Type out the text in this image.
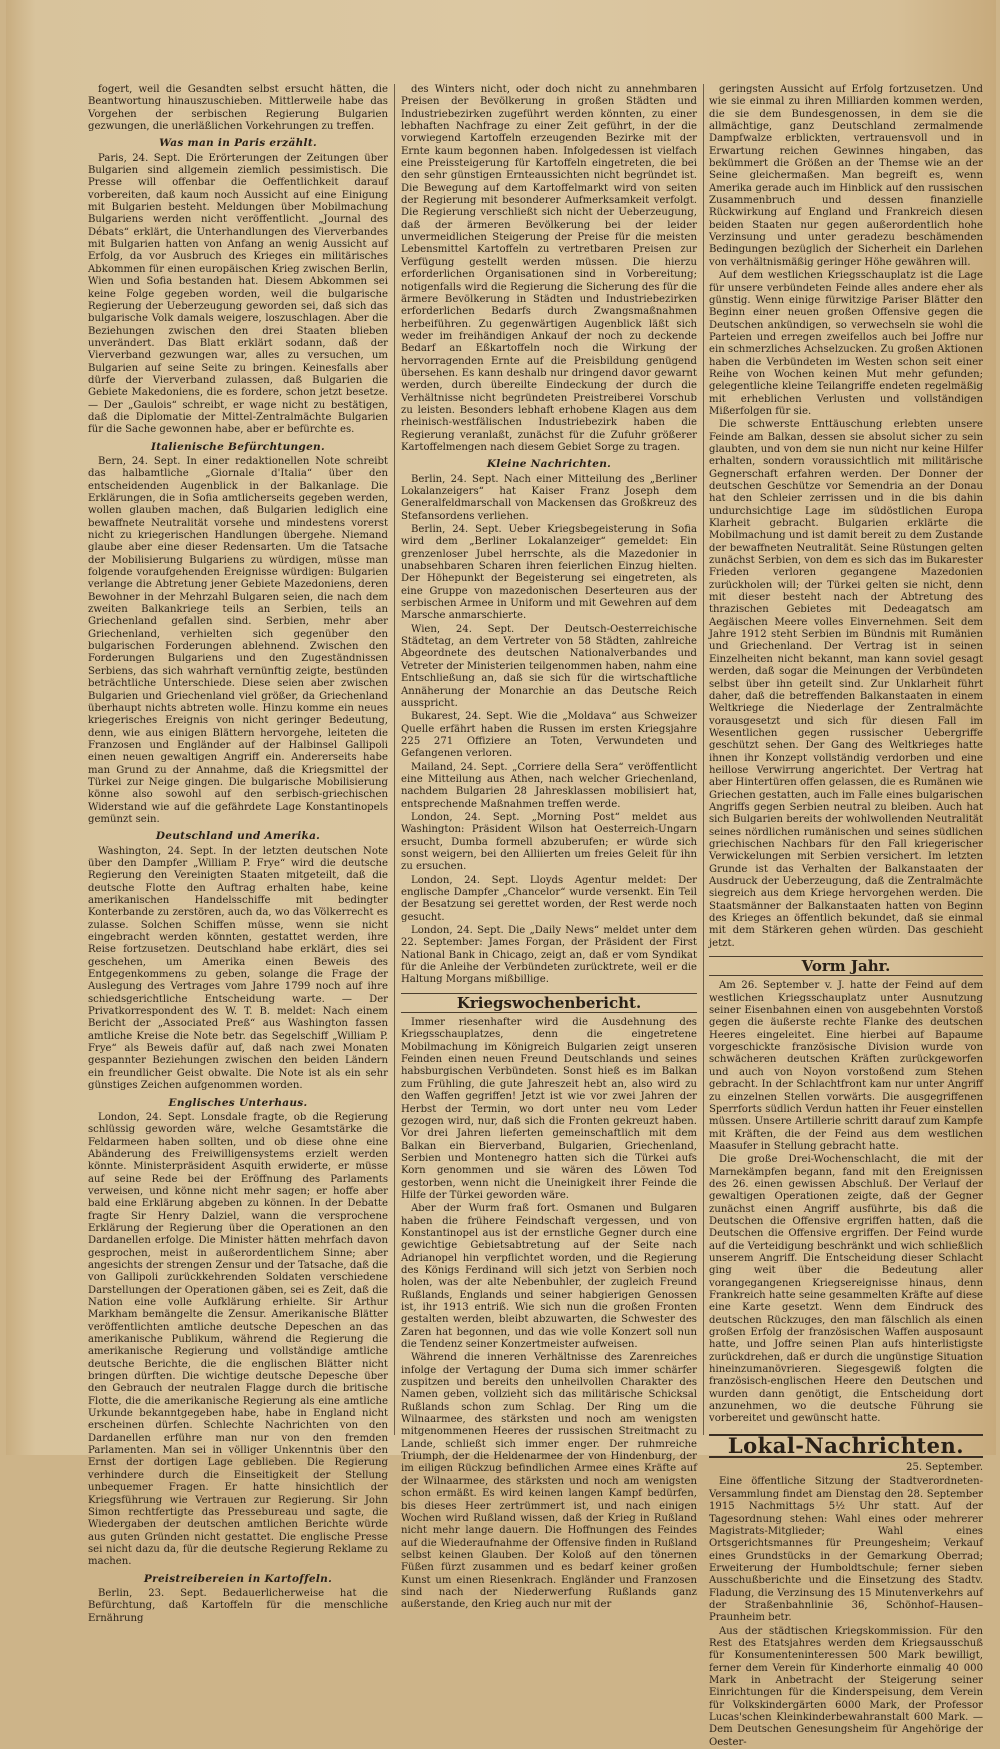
fogert, weil die Gesandten selbst ersucht hätten, die Beantwortung hinauszuschieben. Mittlerweile habe das Vorgehen der serbischen Regierung Bulgarien gezwungen, die unerläßlichen Vorkehrungen zu treffen.

Was man in Paris erzählt.

Paris, 24. Sept. Die Erörterungen der Zeitungen über Bulgarien sind allgemein ziemlich pessimistisch. Die Presse will offenbar die Oeffentlichkeit darauf vorbereiten, daß kaum noch Aussicht auf eine Einigung mit Bulgarien besteht. Meldungen über Mobilmachung Bulgariens werden nicht veröffentlicht. „Journal des Débats“ erklärt, die Unterhandlungen des Vierverbandes mit Bulgarien hatten von Anfang an wenig Aussicht auf Erfolg, da vor Ausbruch des Krieges ein militärisches Abkommen für einen europäischen Krieg zwischen Berlin, Wien und Sofia bestanden hat. Diesem Abkommen sei keine Folge gegeben worden, weil die bulgarische Regierung der Ueberzeugung geworden sei, daß sich das bulgarische Volk damals weigere, loszuschlagen. Aber die Beziehungen zwischen den drei Staaten blieben unverändert. Das Blatt erklärt sodann, daß der Vierverband gezwungen war, alles zu versuchen, um Bulgarien auf seine Seite zu bringen. Keinesfalls aber dürfe der Vierverband zulassen, daß Bulgarien die Gebiete Makedoniens, die es fordere, schon jetzt besetze. — Der „Gaulois“ schreibt, er wage nicht zu bestätigen, daß die Diplomatie der Mittel-Zentralmächte Bulgarien für die Sache gewonnen habe, aber er befürchte es.

Italienische Befürchtungen.

Bern, 24. Sept. In einer redaktionellen Note schreibt das halbamtliche „Giornale d'Italia“ über den entscheidenden Augenblick in der Balkanlage. Die Erklärungen, die in Sofia amtlicherseits gegeben werden, wollen glauben machen, daß Bulgarien lediglich eine bewaffnete Neutralität vorsehe und mindestens vorerst nicht zu kriegerischen Handlungen übergehe. Niemand glaube aber eine dieser Redensarten. Um die Tatsache der Mobilisierung Bulgariens zu würdigen, müsse man folgende voraufgehenden Ereignisse würdigen: Bulgarien verlange die Abtretung jener Gebiete Mazedoniens, deren Bewohner in der Mehrzahl Bulgaren seien, die nach dem zweiten Balkankriege teils an Serbien, teils an Griechenland gefallen sind. Serbien, mehr aber Griechenland, verhielten sich gegenüber den bulgarischen Forderungen ablehnend. Zwischen den Forderungen Bulgariens und den Zugeständnissen Serbiens, das sich wahrhaft vernünftig zeigte, bestünden beträchtliche Unterschiede. Diese seien aber zwischen Bulgarien und Griechenland viel größer, da Griechenland überhaupt nichts abtreten wolle. Hinzu komme ein neues kriegerisches Ereignis von nicht geringer Bedeutung, denn, wie aus einigen Blättern hervorgehe, leiteten die Franzosen und Engländer auf der Halbinsel Gallipoli einen neuen gewaltigen Angriff ein. Andererseits habe man Grund zu der Annahme, daß die Kriegsmittel der Türkei zur Neige gingen. Die bulgarische Mobilisierung könne also sowohl auf den serbisch-griechischen Widerstand wie auf die gefährdete Lage Konstantinopels gemünzt sein.

Deutschland und Amerika.

Washington, 24. Sept. In der letzten deutschen Note über den Dampfer „William P. Frye“ wird die deutsche Regierung den Vereinigten Staaten mitgeteilt, daß die deutsche Flotte den Auftrag erhalten habe, keine amerikanischen Handelsschiffe mit bedingter Konterbande zu zerstören, auch da, wo das Völkerrecht es zulasse. Solchen Schiffen müsse, wenn sie nicht eingebracht werden könnten, gestattet werden, ihre Reise fortzusetzen. Deutschland habe erklärt, dies sei geschehen, um Amerika einen Beweis des Entgegenkommens zu geben, solange die Frage der Auslegung des Vertrages vom Jahre 1799 noch auf ihre schiedsgerichtliche Entscheidung warte. — Der Privatkorrespondent des W. T. B. meldet: Nach einem Bericht der „Associated Preß“ aus Washington fassen amtliche Kreise die Note betr. das Segelschiff „William P. Frye“ als Beweis dafür auf, daß nach zwei Monaten gespannter Beziehungen zwischen den beiden Ländern ein freundlicher Geist obwalte. Die Note ist als ein sehr günstiges Zeichen aufgenommen worden.

Englisches Unterhaus.

London, 24. Sept. Lonsdale fragte, ob die Regierung schlüssig geworden wäre, welche Gesamtstärke die Feldarmeen haben sollten, und ob diese ohne eine Abänderung des Freiwilligensystems erzielt werden könnte. Ministerpräsident Asquith erwiderte, er müsse auf seine Rede bei der Eröffnung des Parlaments verweisen, und könne nicht mehr sagen; er hoffe aber bald eine Erklärung abgeben zu können. In der Debatte fragte Sir Henry Dalziel, wann die versprochene Erklärung der Regierung über die Operationen an den Dardanellen erfolge. Die Minister hätten mehrfach davon gesprochen, meist in außerordentlichem Sinne; aber angesichts der strengen Zensur und der Tatsache, daß die von Gallipoli zurückkehrenden Soldaten verschiedene Darstellungen der Operationen gäben, sei es Zeit, daß die Nation eine volle Aufklärung erhielte. Sir Arthur Markham bemängelte die Zensur. Amerikanische Blätter veröffentlichten amtliche deutsche Depeschen an das amerikanische Publikum, während die Regierung die amerikanische Regierung und vollständige amtliche deutsche Berichte, die die englischen Blätter nicht bringen dürften. Die wichtige deutsche Depesche über den Gebrauch der neutralen Flagge durch die britische Flotte, die die amerikanische Regierung als eine amtliche Urkunde bekanntgegeben habe, habe in England nicht erscheinen dürfen. Schlechte Nachrichten von den Dardanellen erführe man nur von den fremden Parlamenten. Man sei in völliger Unkenntnis über den Ernst der dortigen Lage geblieben. Die Regierung verhindere durch die Einseitigkeit der Stellung unbequemer Fragen. Er hatte hinsichtlich der Kriegsführung wie Vertrauen zur Regierung. Sir John Simon rechtfertigte das Pressebureau und sagte, die Wiedergaben der deutschen amtlichen Berichte würde aus guten Gründen nicht gestattet. Die englische Presse sei nicht dazu da, für die deutsche Regierung Reklame zu machen.

Preistreibereien in Kartoffeln.

Berlin, 23. Sept. Bedauerlicherweise hat die Befürchtung, daß Kartoffeln für die menschliche Ernährung

des Winters nicht, oder doch nicht zu annehmbaren Preisen der Bevölkerung in großen Städten und Industriebezirken zugeführt werden könnten, zu einer lebhaften Nachfrage zu einer Zeit geführt, in der die vorwiegend Kartoffeln erzeugenden Bezirke mit der Ernte kaum begonnen haben. Infolgedessen ist vielfach eine Preissteigerung für Kartoffeln eingetreten, die bei den sehr günstigen Ernteaussichten nicht begründet ist. Die Bewegung auf dem Kartoffelmarkt wird von seiten der Regierung mit besonderer Aufmerksamkeit verfolgt. Die Regierung verschließt sich nicht der Ueberzeugung, daß der ärmeren Bevölkerung bei der leider unvermeidlichen Steigerung der Preise für die meisten Lebensmittel Kartoffeln zu vertretbaren Preisen zur Verfügung gestellt werden müssen. Die hierzu erforderlichen Organisationen sind in Vorbereitung; notigenfalls wird die Regierung die Sicherung des für die ärmere Bevölkerung in Städten und Industriebezirken erforderlichen Bedarfs durch Zwangsmaßnahmen herbeiführen. Zu gegenwärtigen Augenblick läßt sich weder im freihändigen Ankauf der noch zu deckende Bedarf an Eßkartoffeln noch die Wirkung der hervorragenden Ernte auf die Preisbildung genügend übersehen. Es kann deshalb nur dringend davor gewarnt werden, durch übereilte Eindeckung der durch die Verhältnisse nicht begründeten Preistreiberei Vorschub zu leisten. Besonders lebhaft erhobene Klagen aus dem rheinisch-westfälischen Industriebezirk haben die Regierung veranlaßt, zunächst für die Zufuhr größerer Kartoffelmengen nach diesem Gebiet Sorge zu tragen.

Kleine Nachrichten.

Berlin, 24. Sept. Nach einer Mitteilung des „Berliner Lokalanzeigers“ hat Kaiser Franz Joseph dem Generalfeldmarschall von Mackensen das Großkreuz des Stefansordens verliehen.

Berlin, 24. Sept. Ueber Kriegsbegeisterung in Sofia wird dem „Berliner Lokalanzeiger“ gemeldet: Ein grenzenloser Jubel herrschte, als die Mazedonier in unabsehbaren Scharen ihren feierlichen Einzug hielten. Der Höhepunkt der Begeisterung sei eingetreten, als eine Gruppe von mazedonischen Deserteuren aus der serbischen Armee in Uniform und mit Gewehren auf dem Marsche anmarschierte.

Wien, 24. Sept. Der Deutsch-Oesterreichische Städtetag, an dem Vertreter von 58 Städten, zahlreiche Abgeordnete des deutschen Nationalverbandes und Vetreter der Ministerien teilgenommen haben, nahm eine Entschließung an, daß sie sich für die wirtschaftliche Annäherung der Monarchie an das Deutsche Reich ausspricht.

Bukarest, 24. Sept. Wie die „Moldava“ aus Schweizer Quelle erfährt haben die Russen im ersten Kriegsjahre 225 271 Offiziere an Toten, Verwundeten und Gefangenen verloren.

Mailand, 24. Sept. „Corriere della Sera“ veröffentlicht eine Mitteilung aus Athen, nach welcher Griechenland, nachdem Bulgarien 28 Jahresklassen mobilisiert hat, entsprechende Maßnahmen treffen werde.

London, 24. Sept. „Morning Post“ meldet aus Washington: Präsident Wilson hat Oesterreich-Ungarn ersucht, Dumba formell abzuberufen; er würde sich sonst weigern, bei den Alliierten um freies Geleit für ihn zu ersuchen.

London, 24. Sept. Lloyds Agentur meldet: Der englische Dampfer „Chancelor“ wurde versenkt. Ein Teil der Besatzung sei gerettet worden, der Rest werde noch gesucht.

London, 24. Sept. Die „Daily News“ meldet unter dem 22. September: James Forgan, der Präsident der First National Bank in Chicago, zeigt an, daß er vom Syndikat für die Anleihe der Verbündeten zurücktrete, weil er die Haltung Morgans mißbillige.

Kriegswochenbericht.

Immer riesenhafter wird die Ausdehnung des Kriegsschauplatzes, denn die eingetretene Mobilmachung im Königreich Bulgarien zeigt unseren Feinden einen neuen Freund Deutschlands und seines habsburgischen Verbündeten. Sonst hieß es im Balkan zum Frühling, die gute Jahreszeit hebt an, also wird zu den Waffen gegriffen! Jetzt ist wie vor zwei Jahren der Herbst der Termin, wo dort unter neu vom Leder gezogen wird, nur, daß sich die Fronten gekreuzt haben. Vor drei Jahren lieferten gemeinschaftlich mit dem Balkan ein Bierverband, Bulgarien, Griechenland, Serbien und Montenegro hatten sich die Türkei aufs Korn genommen und sie wären des Löwen Tod gestorben, wenn nicht die Uneinigkeit ihrer Feinde die Hilfe der Türkei geworden wäre.

Aber der Wurm fraß fort. Osmanen und Bulgaren haben die frühere Feindschaft vergessen, und von Konstantinopel aus ist der ernstliche Gegner durch eine gewichtige Gebietsabtretung auf der Seite nach Adrianopel hin verpflichtet worden, und die Regierung des Königs Ferdinand will sich jetzt von Serbien noch holen, was der alte Nebenbuhler, der zugleich Freund Rußlands, Englands und seiner habgierigen Genossen ist, ihr 1913 entriß. Wie sich nun die großen Fronten gestalten werden, bleibt abzuwarten, die Schwester des Zaren hat begonnen, und das wie volle Konzert soll nun die Tendenz seiner Konzertmeister aufweisen.

Während die inneren Verhältnisse des Zarenreiches infolge der Vertagung der Duma sich immer schärfer zuspitzen und bereits den unheilvollen Charakter des Namen geben, vollzieht sich das militärische Schicksal Rußlands schon zum Schlag. Der Ring um die Wilnaarmee, des stärksten und noch am wenigsten mitgenommenen Heeres der russischen Streitmacht zu Lande, schließt sich immer enger. Der ruhmreiche Triumph, der die Heldenarmee der von Hindenburg, der im eiligen Rückzug befindlichen Armee eines Kräfte auf der Wilnaarmee, des stärksten und noch am wenigsten schon ermäßt. Es wird keinen langen Kampf bedürfen, bis dieses Heer zertrümmert ist, und nach einigen Wochen wird Rußland wissen, daß der Krieg in Rußland nicht mehr lange dauern. Die Hoffnungen des Feindes auf die Wiederaufnahme der Offensive finden in Rußland selbst keinen Glauben. Der Koloß auf den tönernen Füßen fürzt zusammen und es bedarf keiner großen Kunst um einen Riesenkrach. Engländer und Franzosen sind nach der Niederwerfung Rußlands ganz außerstande, den Krieg auch nur mit der

geringsten Aussicht auf Erfolg fortzusetzen. Und wie sie einmal zu ihren Milliarden kommen werden, die sie dem Bundesgenossen, in dem sie die allmächtige, ganz Deutschland zermalmende Dampfwalze erblickten, vertrauensvoll und in Erwartung reichen Gewinnes hingaben, das bekümmert die Größen an der Themse wie an der Seine gleichermaßen. Man begreift es, wenn Amerika gerade auch im Hinblick auf den russischen Zusammenbruch und dessen finanzielle Rückwirkung auf England und Frankreich diesen beiden Staaten nur gegen außerordentlich hohe Verzinsung und unter geradezu beschämenden Bedingungen bezüglich der Sicherheit ein Darlehen von verhältnismäßig geringer Höhe gewähren will.

Auf dem westlichen Kriegsschauplatz ist die Lage für unsere verbündeten Feinde alles andere eher als günstig. Wenn einige fürwitzige Pariser Blätter den Beginn einer neuen großen Offensive gegen die Deutschen ankündigen, so verwechseln sie wohl die Parteien und erregen zweifellos auch bei Joffre nur ein schmerzliches Achselzucken. Zu großen Aktionen haben die Verbündeten im Westen schon seit einer Reihe von Wochen keinen Mut mehr gefunden; gelegentliche kleine Teilangriffe endeten regelmäßig mit erheblichen Verlusten und vollständigen Mißerfolgen für sie.

Die schwerste Enttäuschung erlebten unsere Feinde am Balkan, dessen sie absolut sicher zu sein glaubten, und von dem sie nun nicht nur keine Hilfer erhalten, sondern voraussichtlich mit militärische Gegnerschaft erfahren werden. Der Donner der deutschen Geschütze vor Semendria an der Donau hat den Schleier zerrissen und in die bis dahin undurchsichtige Lage im südöstlichen Europa Klarheit gebracht. Bulgarien erklärte die Mobilmachung und ist damit bereit zu dem Zustande der bewaffneten Neutralität. Seine Rüstungen gelten zunächst Serbien, von dem es sich das im Bukarester Frieden verloren gegangene Mazedonien zurückholen will; der Türkei gelten sie nicht, denn mit dieser besteht nach der Abtretung des thrazischen Gebietes mit Dedeagatsch am Aegäischen Meere volles Einvernehmen. Seit dem Jahre 1912 steht Serbien im Bündnis mit Rumänien und Griechenland. Der Vertrag ist in seinen Einzelheiten nicht bekannt, man kann soviel gesagt werden, daß sogar die Meinungen der Verbündeten selbst über ihn geteilt sind. Zur Unklarheit führt daher, daß die betreffenden Balkanstaaten in einem Weltkriege die Niederlage der Zentralmächte vorausgesetzt und sich für diesen Fall im Wesentlichen gegen russischer Uebergriffe geschützt sehen. Der Gang des Weltkrieges hatte ihnen ihr Konzept vollständig verdorben und eine heillose Verwirrung angerichtet. Der Vertrag hat aber Hintertüren offen gelassen, die es Rumänen wie Griechen gestatten, auch im Falle eines bulgarischen Angriffs gegen Serbien neutral zu bleiben. Auch hat sich Bulgarien bereits der wohlwollenden Neutralität seines nördlichen rumänischen und seines südlichen griechischen Nachbars für den Fall kriegerischer Verwickelungen mit Serbien versichert. Im letzten Grunde ist das Verhalten der Balkanstaaten der Ausdruck der Ueberzeugung, daß die Zentralmächte siegreich aus dem Kriege hervorgehen werden. Die Staatsmänner der Balkanstaaten hatten von Beginn des Krieges an öffentlich bekundet, daß sie einmal mit dem Stärkeren gehen würden. Das geschieht jetzt.

Vorm Jahr.

Am 26. September v. J. hatte der Feind auf dem westlichen Kriegsschauplatz unter Ausnutzung seiner Eisenbahnen einen von ausgebehnten Vorstoß gegen die äußerste rechte Flanke des deutschen Heeres eingeleitet. Eine hierbei auf Bapaume vorgeschickte französische Division wurde von schwächeren deutschen Kräften zurückgeworfen und auch von Noyon vorstoßend zum Stehen gebracht. In der Schlachtfront kam nur unter Angriff zu einzelnen Stellen vorwärts. Die ausgegriffenen Sperrforts südlich Verdun hatten ihr Feuer einstellen müssen. Unsere Artillerie schritt darauf zum Kampfe mit Kräften, die der Feind aus dem westlichen Maasufer in Stellung gebracht hatte.

Die große Drei-Wochenschlacht, die mit der Marnekämpfen begann, fand mit den Ereignissen des 26. einen gewissen Abschluß. Der Verlauf der gewaltigen Operationen zeigte, daß der Gegner zunächst einen Angriff ausführte, bis daß die Deutschen die Offensive ergriffen hatten, daß die Deutschen die Offensive ergriffen. Der Feind wurde auf die Verteidigung beschränkt und wich schließlich unserem Angriff. Die Entscheidung dieser Schlacht ging weit über die Bedeutung aller vorangegangenen Kriegsereignisse hinaus, denn Frankreich hatte seine gesammelten Kräfte auf diese eine Karte gesetzt. Wenn dem Eindruck des deutschen Rückzuges, den man fälschlich als einen großen Erfolg der französischen Waffen ausposaunt hatte, und Joffre seinen Plan aufs hinterlistigste zurückdrehen, daß er durch die ungünstige Situation hineinzumanövrieren. Siegesgewiß folgten die französisch-englischen Heere den Deutschen und wurden dann genötigt, die Entscheidung dort anzunehmen, wo die deutsche Führung sie vorbereitet und gewünscht hatte.

Lokal-Nachrichten.
25. September.

Eine öffentliche Sitzung der Stadtverordneten-Versammlung findet am Dienstag den 28. September 1915 Nachmittags 5½ Uhr statt. Auf der Tagesordnung stehen: Wahl eines oder mehrerer Magistrats-Mitglieder; Wahl eines Ortsgerichtsmannes für Preungesheim; Verkauf eines Grundstücks in der Gemarkung Oberrad; Erweiterung der Humboldtschule; ferner sieben Ausschußberichte und die Einsetzung des Stadtv. Fladung, die Verzinsung des 15 Minutenverkehrs auf der Straßenbahnlinie 36, Schönhof–Hausen–Praunheim betr.

Aus der städtischen Kriegskommission. Für den Rest des Etatsjahres werden dem Kriegsausschuß für Konsumenteninteressen 500 Mark bewilligt, ferner dem Verein für Kinderhorte einmalig 40 000 Mark in Anbetracht der Steigerung seiner Einrichtungen für die Kinderspeisung, dem Verein für Volkskindergärten 6000 Mark, der Professor Lucas'schen Kleinkinderbewahranstalt 600 Mark. — Dem Deutschen Genesungsheim für Angehörige der Oester-
